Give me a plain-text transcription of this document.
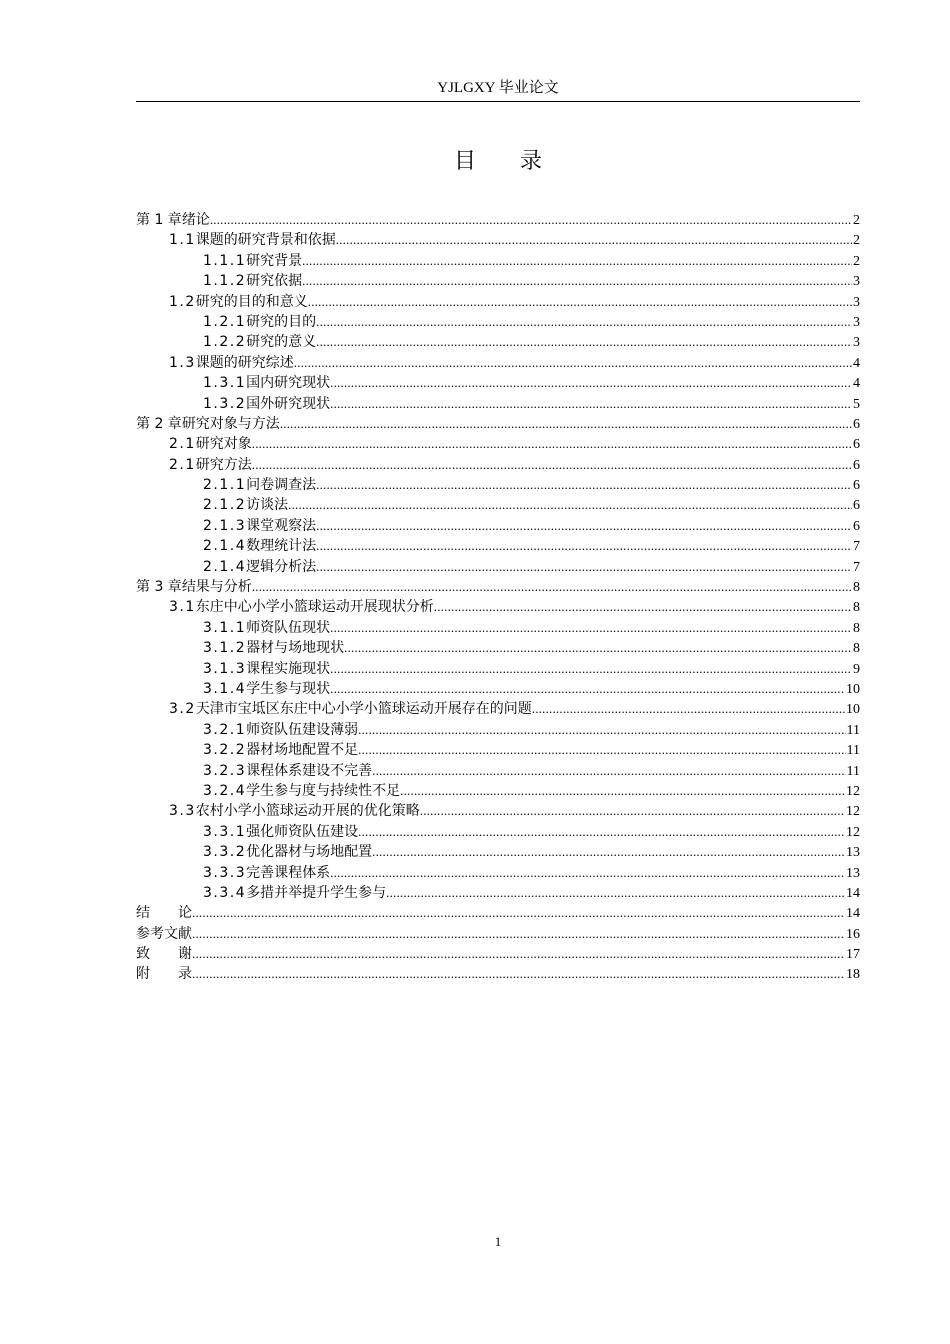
YJLGXY 毕业论文
目 录
第 1 章 绪论 .....	2
1.1 课题的研究背景和依据 .....	2
1.1.1 研究背景 .....	2
1.1.2 研究依据 .....	3
1.2 研究的目的和意义 .....	3
1.2.1 研究的目的 .....	3
1.2.2 研究的意义 .....	3
1.3 课题的研究综述 .....	4
1.3.1 国内研究现状 .....	4
1.3.2 国外研究现状 .....	5
第 2 章 研究对象与方法 .....	6
2.1 研究对象 .....	6
2.1 研究方法 .....	6
2.1.1 问卷调查法 .....	6
2.1.2 访谈法 .....	6
2.1.3 课堂观察法 .....	6
2.1.4 数理统计法 .....	7
2.1.4 逻辑分析法 .....	7
第 3 章 结果与分析 .....	8
3.1 东庄中心小学小篮球运动开展现状分析 .....	8
3.1.1 师资队伍现状 .....	8
3.1.2 器材与场地现状 .....	8
3.1.3 课程实施现状 .....	9
3.1.4 学生参与现状 .....	10
3.2 天津市宝坻区东庄中心小学小篮球运动开展存在的问题 .....	10
3.2.1 师资队伍建设薄弱 .....	11
3.2.2 器材场地配置不足 .....	11
3.2.3 课程体系建设不完善 .....	11
3.2.4 学生参与度与持续性不足 .....	12
3.3 农村小学小篮球运动开展的优化策略 .....	12
3.3.1 强化师资队伍建设 .....	12
3.3.2 优化器材与场地配置 .....	13
3.3.3 完善课程体系 .....	13
3.3.4 多措并举提升学生参与 .....	14
结　　论 .....	14
参考文献 .....	16
致　　谢 .....	17
附　　录 .....	18
1
